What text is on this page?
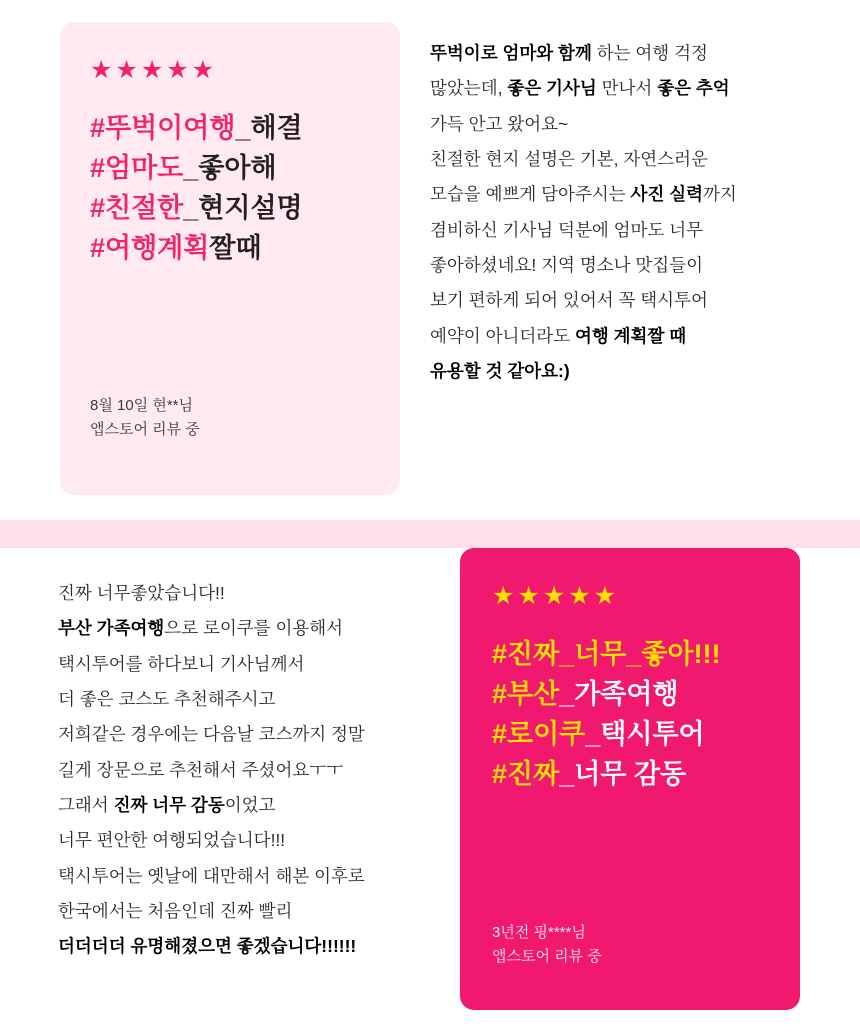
★★★★★
#뚜벅이여행_해결
#엄마도_좋아해
#친절한_현지설명
#여행계획짤때
8월 10일 현**님
앱스토어 리뷰 중
뚜벅이로 엄마와 함께 하는 여행 걱정
많았는데, 좋은 기사님 만나서 좋은 추억
가득 안고 왔어요~
친절한 현지 설명은 기본, 자연스러운
모습을 예쁘게 담아주시는 사진 실력까지
겸비하신 기사님 덕분에 엄마도 너무
좋아하셨네요! 지역 명소나 맛집들이
보기 편하게 되어 있어서 꼭 택시투어
예약이 아니더라도 여행 계획짤 때
유용할 것 같아요:)
진짜 너무좋았습니다!!
부산 가족여행으로 로이쿠를 이용해서
택시투어를 하다보니 기사님께서
더 좋은 코스도 추천해주시고
저희같은 경우에는 다음날 코스까지 정말
길게 장문으로 추천해서 주셨어요ㅜㅜ
그래서 진짜 너무 감동이었고
너무 편안한 여행되었습니다!!!
택시투어는 옛날에 대만해서 해본 이후로
한국에서는 처음인데 진짜 빨리
더더더더 유명해졌으면 좋겠습니다!!!!!!
★★★★★
#진짜_너무_좋아!!!
#부산_가족여행
#로이쿠_택시투어
#진짜_너무 감동
3년전 핑****님
앱스토어 리뷰 중
